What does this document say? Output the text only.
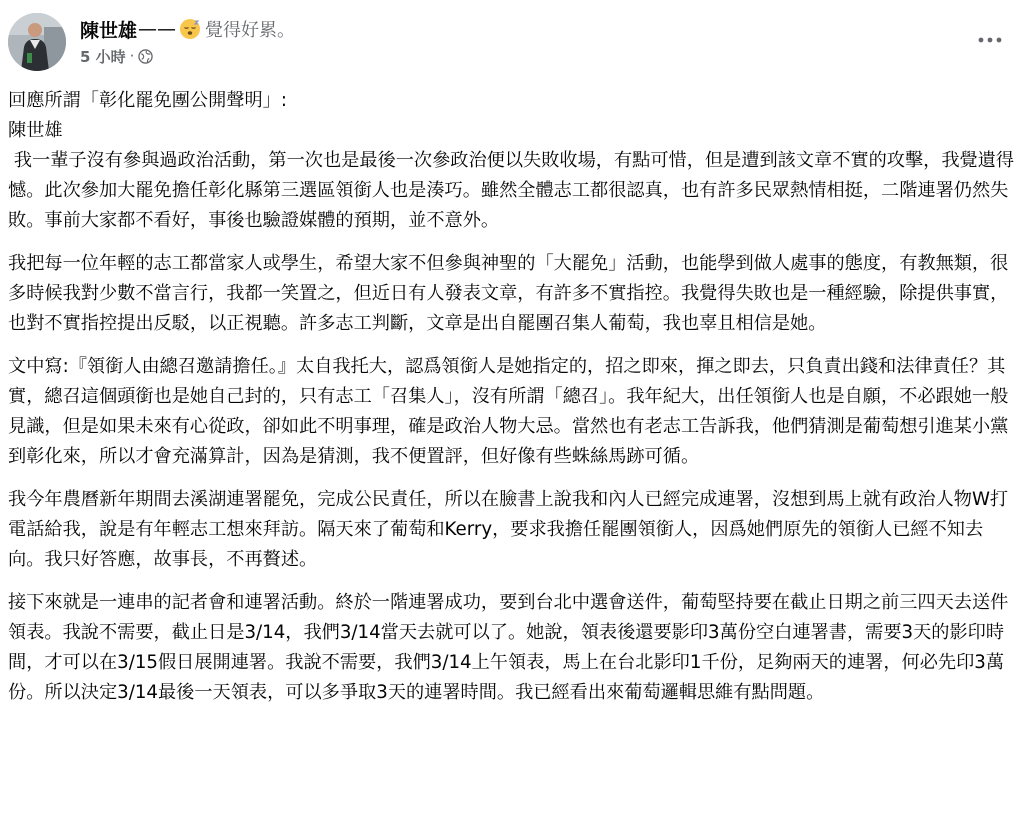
陳世雄 —— 覺得好累。
5 小時 ·

回應所謂「彰化罷免團公開聲明」:

陳世雄

我一輩子沒有參與過政治活動，第一次也是最後一次參政治便以失敗收場，有點可惜，但是遭到該文章不實的攻擊，我覺遺得憾。此次參加大罷免擔任彰化縣第三選區領銜人也是湊巧。雖然全體志工都很認真，也有許多民眾熱情相挺，二階連署仍然失敗。事前大家都不看好，事後也驗證媒體的預期，並不意外。

我把每一位年輕的志工都當家人或學生，希望大家不但參與神聖的「大罷免」活動，也能學到做人處事的態度，有教無類，很多時候我對少數不當言行，我都一笑置之，但近日有人發表文章，有許多不實指控。我覺得失敗也是一種經驗，除提供事實，也對不實指控提出反駁，以正視聽。許多志工判斷，文章是出自罷團召集人葡萄，我也辜且相信是她。

文中寫:『領銜人由總召邀請擔任。』太自我托大，認爲領銜人是她指定的，招之即來，揮之即去，只負責出錢和法律責任？其實，總召這個頭銜也是她自己封的，只有志工「召集人」，沒有所謂「總召」。我年紀大，出任領銜人也是自願，不必跟她一般見識，但是如果未來有心從政，卻如此不明事理，確是政治人物大忌。當然也有老志工告訴我，他們猜測是葡萄想引進某小黨到彰化來，所以才會充滿算計，因為是猜測，我不便置評，但好像有些蛛絲馬跡可循。

我今年農曆新年期間去溪湖連署罷免，完成公民責任，所以在臉書上說我和內人已經完成連署，沒想到馬上就有政治人物W打電話給我，說是有年輕志工想來拜訪。隔天來了葡萄和Kerry，要求我擔任罷團領銜人，因爲她們原先的領銜人已經不知去向。我只好答應，故事長，不再贅述。

接下來就是一連串的記者會和連署活動。終於一階連署成功，要到台北中選會送件，葡萄堅持要在截止日期之前三四天去送件領表。我說不需要，截止日是3/14，我們3/14當天去就可以了。她說，領表後還要影印3萬份空白連署書，需要3天的影印時間，才可以在3/15假日展開連署。我說不需要，我們3/14上午領表，馬上在台北影印1千份，足夠兩天的連署，何必先印3萬份。所以決定3/14最後一天領表，可以多爭取3天的連署時間。我已經看出來葡萄邏輯思維有點問題。
